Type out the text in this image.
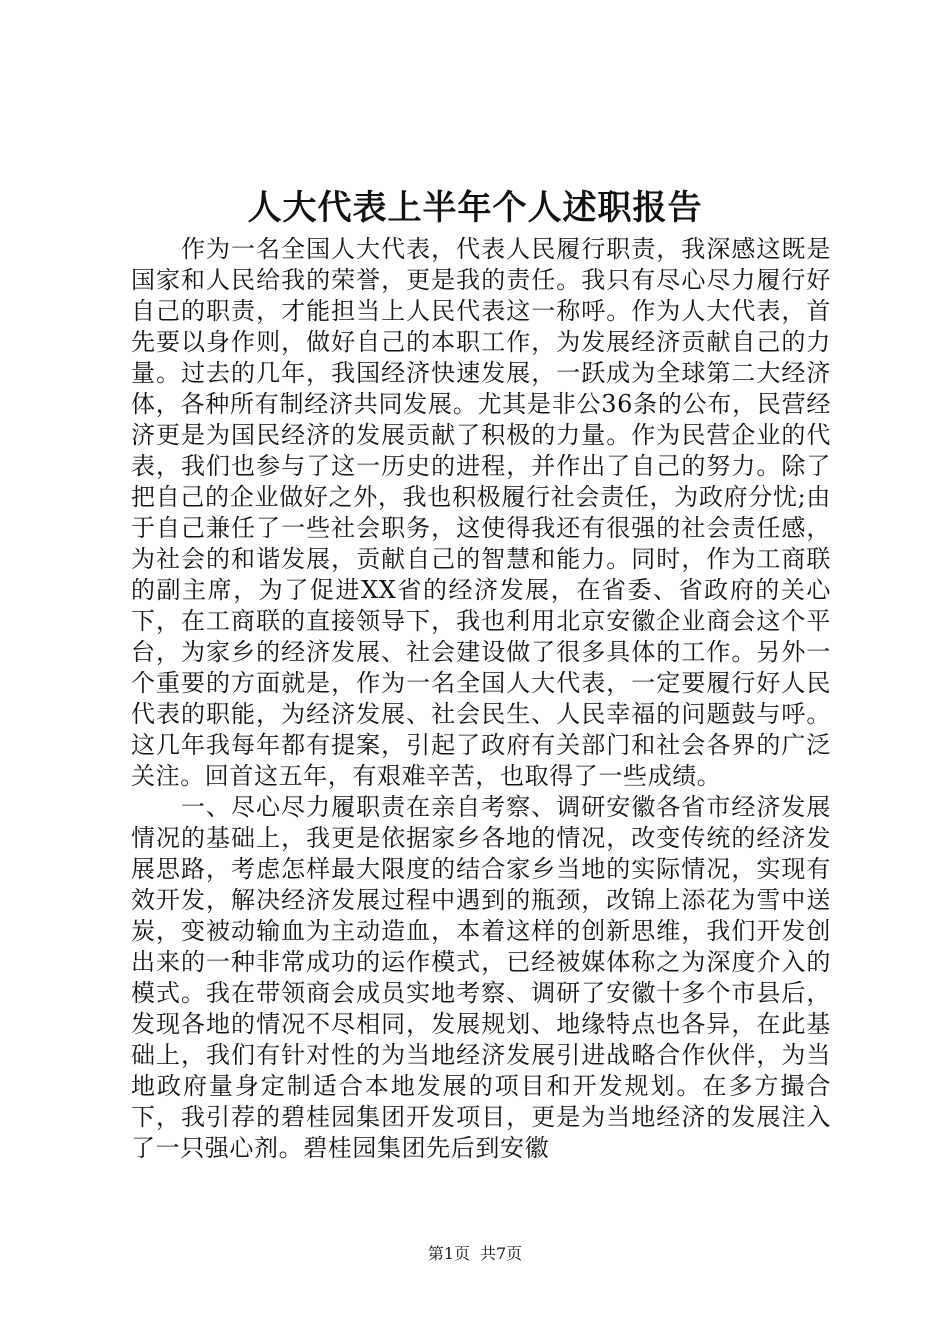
人大代表上半年个人述职报告

作为一名全国人大代表，代表人民履行职责，我深感这既是国家和人民给我的荣誉，更是我的责任。我只有尽心尽力履行好自己的职责，才能担当上人民代表这一称呼。作为人大代表，首先要以身作则，做好自己的本职工作，为发展经济贡献自己的力量。过去的几年，我国经济快速发展，一跃成为全球第二大经济体，各种所有制经济共同发展。尤其是非公36条的公布，民营经济更是为国民经济的发展贡献了积极的力量。作为民营企业的代表，我们也参与了这一历史的进程，并作出了自己的努力。除了把自己的企业做好之外，我也积极履行社会责任，为政府分忧;由于自己兼任了一些社会职务，这使得我还有很强的社会责任感，为社会的和谐发展，贡献自己的智慧和能力。同时，作为工商联的副主席，为了促进XX省的经济发展，在省委、省政府的关心下，在工商联的直接领导下，我也利用北京安徽企业商会这个平台，为家乡的经济发展、社会建设做了很多具体的工作。另外一个重要的方面就是，作为一名全国人大代表，一定要履行好人民代表的职能，为经济发展、社会民生、人民幸福的问题鼓与呼。这几年我每年都有提案，引起了政府有关部门和社会各界的广泛关注。回首这五年，有艰难辛苦，也取得了一些成绩。

一、尽心尽力履职责在亲自考察、调研安徽各省市经济发展情况的基础上，我更是依据家乡各地的情况，改变传统的经济发展思路，考虑怎样最大限度的结合家乡当地的实际情况，实现有效开发，解决经济发展过程中遇到的瓶颈，改锦上添花为雪中送炭，变被动输血为主动造血，本着这样的创新思维，我们开发创出来的一种非常成功的运作模式，已经被媒体称之为深度介入的模式。我在带领商会成员实地考察、调研了安徽十多个市县后，发现各地的情况不尽相同，发展规划、地缘特点也各异，在此基础上，我们有针对性的为当地经济发展引进战略合作伙伴，为当地政府量身定制适合本地发展的项目和开发规划。在多方撮合下，我引荐的碧桂园集团开发项目，更是为当地经济的发展注入了一只强心剂。碧桂园集团先后到安徽

第1页 共7页
